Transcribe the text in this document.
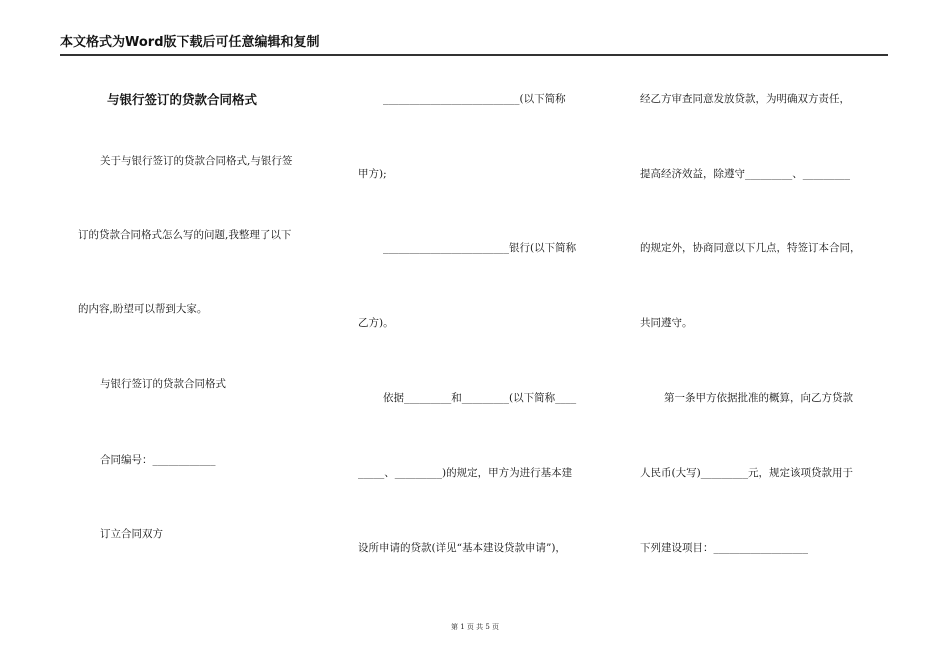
本文格式为Word版下载后可任意编辑和复制
与银行签订的贷款合同格式
关于与银行签订的贷款合同格式,与银行签
订的贷款合同格式怎么写的问题,我整理了以下
的内容,盼望可以帮到大家。
与银行签订的贷款合同格式
合同编号：____________
订立合同双方
__________________________(以下简称
甲方);
________________________银行(以下简称
乙方)。
依据_________和_________(以下简称____
_____、_________)的规定，甲方为进行基本建
设所申请的贷款(详见“基本建设贷款申请”)，
经乙方审查同意发放贷款，为明确双方责任，
提高经济效益，除遵守_________、_________
的规定外，协商同意以下几点，特签订本合同，
共同遵守。
第一条甲方依据批准的概算，向乙方贷款
人民币(大写)_________元，规定该项贷款用于
下列建设项目：__________________
第 1 页 共 5 页
